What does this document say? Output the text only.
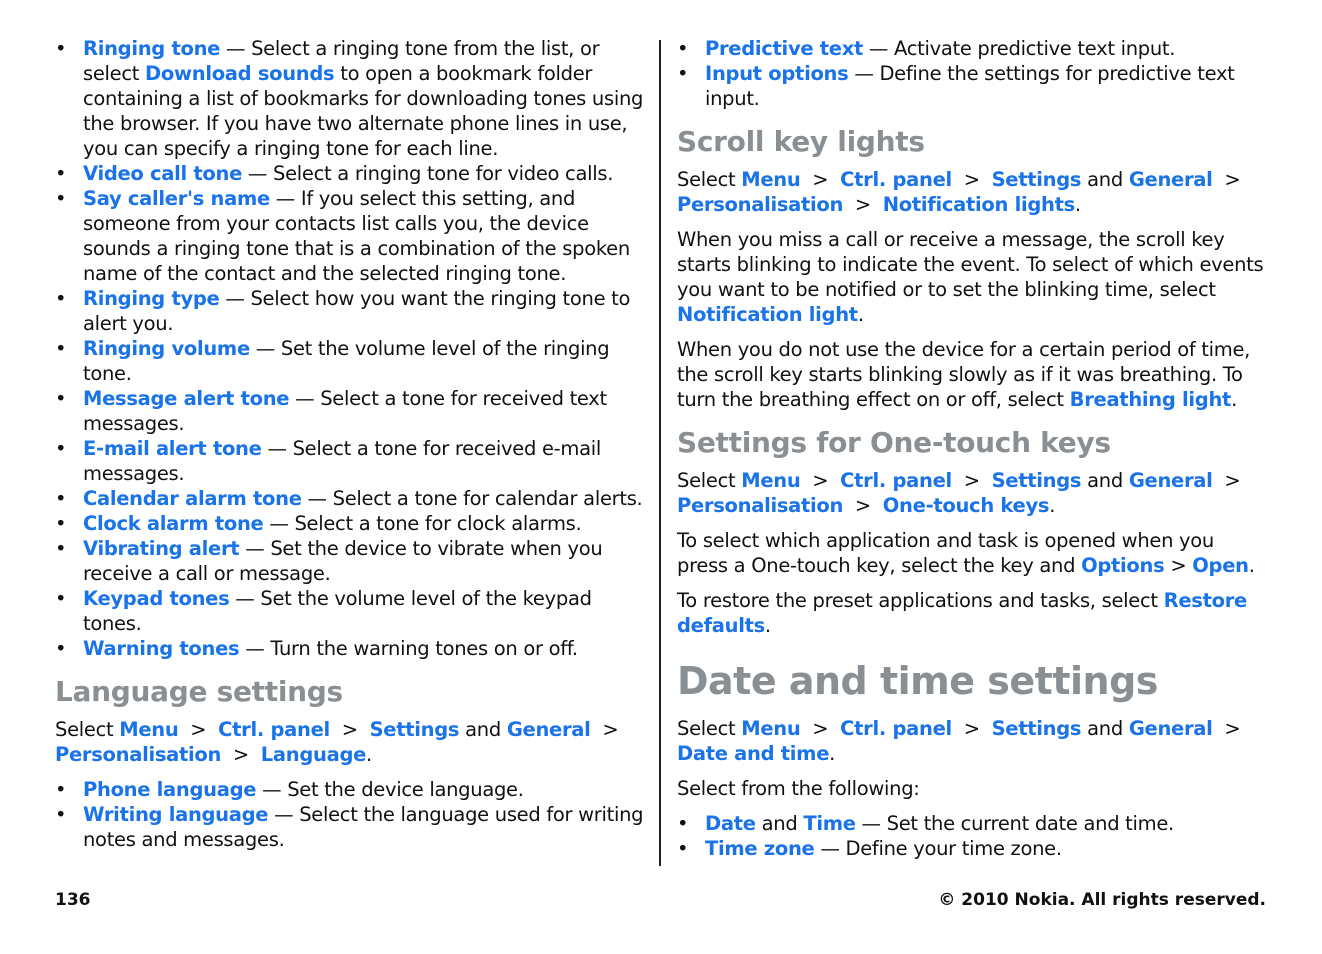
• Ringing tone — Select a ringing tone from the list, or select Download sounds to open a bookmark folder containing a list of bookmarks for downloading tones using the browser. If you have two alternate phone lines in use, you can specify a ringing tone for each line.
• Video call tone — Select a ringing tone for video calls.
• Say caller's name — If you select this setting, and someone from your contacts list calls you, the device sounds a ringing tone that is a combination of the spoken name of the contact and the selected ringing tone.
• Ringing type — Select how you want the ringing tone to alert you.
• Ringing volume — Set the volume level of the ringing tone.
• Message alert tone — Select a tone for received text messages.
• E-mail alert tone — Select a tone for received e-mail messages.
• Calendar alarm tone — Select a tone for calendar alerts.
• Clock alarm tone — Select a tone for clock alarms.
• Vibrating alert — Set the device to vibrate when you receive a call or message.
• Keypad tones — Set the volume level of the keypad tones.
• Warning tones — Turn the warning tones on or off.
Language settings

Select Menu > Ctrl. panel > Settings and General >  Personalisation > Language.

• Phone language — Set the device language.
• Writing language — Select the language used for writing notes and messages.
• Predictive text — Activate predictive text input.
• Input options — Define the settings for predictive text input.
Scroll key lights

Select Menu > Ctrl. panel > Settings and General >  Personalisation > Notification lights.

When you miss a call or receive a message, the scroll key starts blinking to indicate the event. To select of which events you want to be notified or to set the blinking time, select Notification light.

When you do not use the device for a certain period of time, the scroll key starts blinking slowly as if it was breathing. To turn the breathing effect on or off, select Breathing light.

Settings for One-touch keys

Select Menu > Ctrl. panel > Settings and General >  Personalisation > One-touch keys.

To select which application and task is opened when you press a One-touch key, select the key and Options > Open.

To restore the preset applications and tasks, select Restore defaults.

Date and time settings

Select Menu > Ctrl. panel > Settings and General >  Date and time.

Select from the following:

• Date and Time — Set the current date and time.
• Time zone — Define your time zone.
136	© 2010 Nokia. All rights reserved.
